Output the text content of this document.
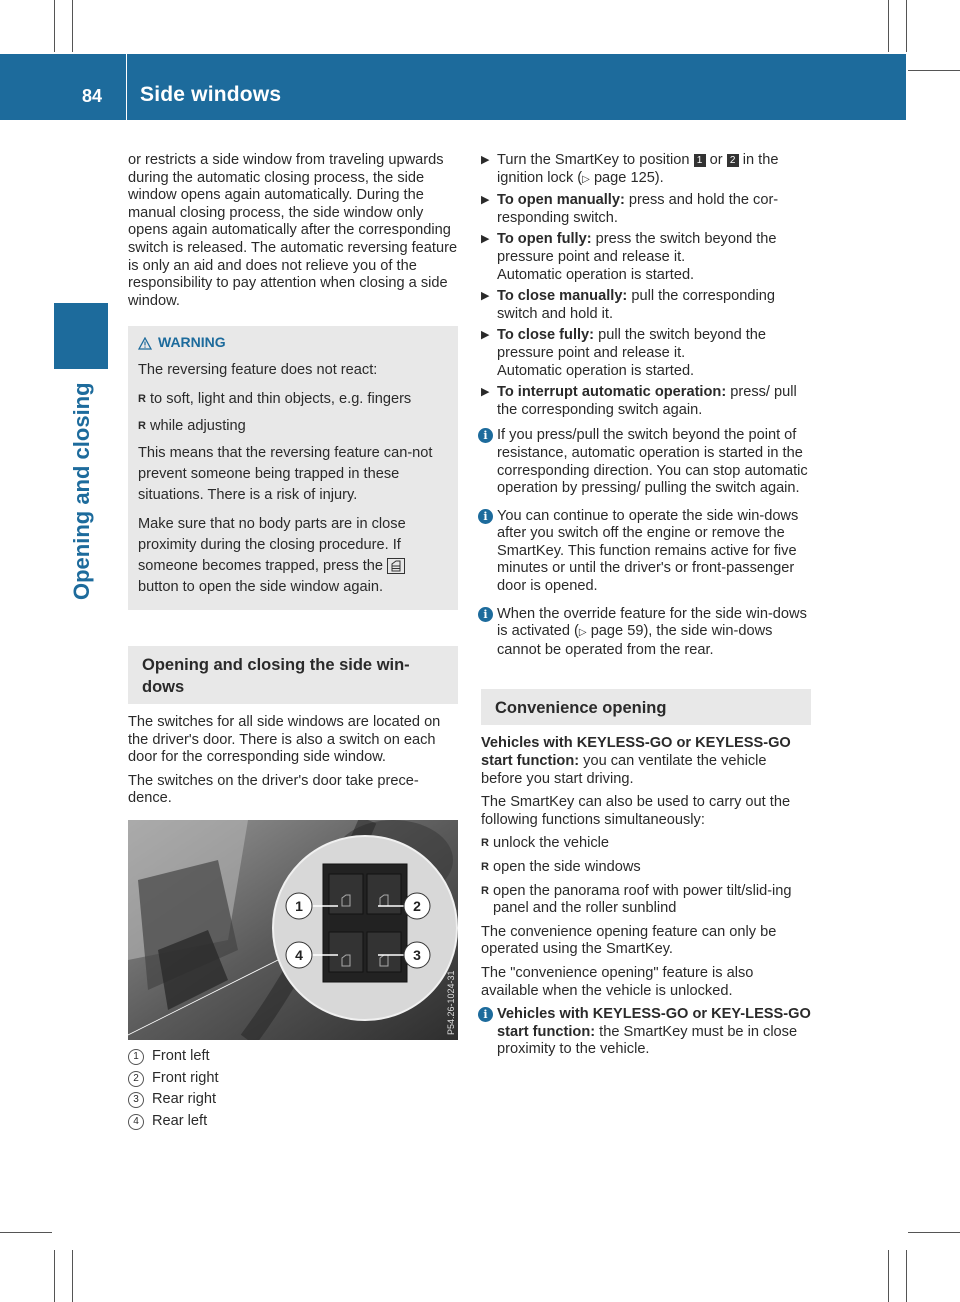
84 Side windows
Opening and closing

or restricts a side window from traveling upwards during the automatic closing process, the side window opens again automatically. During the manual closing process, the side window only opens again automatically after the corresponding switch is released. The automatic reversing feature is only an aid and does not relieve you of the responsibility to pay attention when closing a side window.

WARNING

The reversing feature does not react:

R to soft, light and thin objects, e.g. fingers
R while adjusting

This means that the reversing feature can-not prevent someone being trapped in these situations. There is a risk of injury.

Make sure that no body parts are in close proximity during the closing procedure. If someone becomes trapped, press the
button to open the side window again.

Opening and closing the side win-dows

The switches for all side windows are located on the driver's door. There is also a switch on each door for the corresponding side window.

The switches on the driver's door take prece-dence.

1	2
3
4
P54.26-1024-31
1 Front left
2 Front right
3 Rear right
4 Rear left
▶ Turn the SmartKey to position 1 or 2 in the ignition lock (▷ page 125).
▶ To open manually: press and hold the cor-responding switch.
▶ To open fully: press the switch beyond the pressure point and release it.
Automatic operation is started.
▶ To close manually: pull the corresponding switch and hold it.
▶ To close fully: pull the switch beyond the pressure point and release it.
Automatic operation is started.
▶ To interrupt automatic operation: press/ pull the corresponding switch again.
i If you press/pull the switch beyond the point of resistance, automatic operation is started in the corresponding direction. You can stop automatic operation by pressing/ pulling the switch again.
i You can continue to operate the side win-dows after you switch off the engine or remove the SmartKey. This function remains active for five minutes or until the driver's or front-passenger door is opened.
i When the override feature for the side win-dows is activated (▷ page 59), the side win-dows cannot be operated from the rear.
Convenience opening

Vehicles with KEYLESS-GO or KEYLESS-GO start function: you can ventilate the vehicle before you start driving.

The SmartKey can also be used to carry out the following functions simultaneously:

R unlock the vehicle
R open the side windows
R open the panorama roof with power tilt/slid-ing panel and the roller sunblind

The convenience opening feature can only be operated using the SmartKey.

The "convenience opening" feature is also available when the vehicle is unlocked.

i Vehicles with KEYLESS-GO or KEY-LESS-GO start function: the SmartKey must be in close proximity to the vehicle.
